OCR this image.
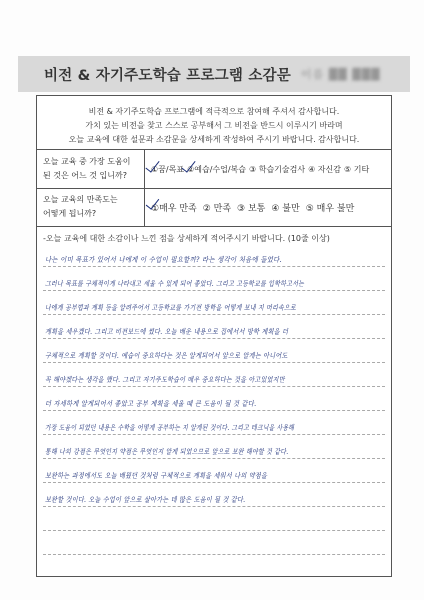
비전 & 자기주도학습 프로그램 소감문 이름 ▓▓ ▓▓▓
비전 & 자기주도학습 프로그램에 적극적으로 참여해 주셔서 감사합니다.
가치 있는 비전을 찾고 스스로 공부해서 그 비전을 반드시 이루시기 바라며
오늘 교육에 대한 설문과 소감문을 상세하게 작성하여 주시기 바랍니다. 감사합니다.
오늘 교육 중 가장 도움이
된 것은 어느 것 입니까?
①꿈/목표 ②예습/수업/복습 ③ 학습기술검사 ④ 자신감 ⑤ 기타
오늘 교육의 만족도는
어떻게 됩니까?	①매우 만족 ② 만족 ③ 보통 ④ 불만 ⑤ 매우 불만
-오늘 교육에 대한 소감이나 느낀 점을 상세하게 적어주시기 바랍니다. (10줄 이상)
나는 이미 목표가 있어서 나에게 이 수업이 필요할까? 라는 생각이 처음에 들었다.
그러나 목표를 구체적이게 나타내고 세울 수 있게 되어 좋았다. 그리고 고등학교를 입학하고서는
나에게 공부법과 계획 등을 알려주어서 고등학교를 가기전 방학을 어떻게 보내 지 머리속으로
계획을 세우겠다. 그리고 비전보드에 썼다. 오늘 배운 내용으로 집에서서 방학 계획을 더
구체적으로 계획할 것이다. 예습이 중요하다는 것은 알게되어서 앞으로 알게는 아니어도
꼭 해야겠다는 생각을 했다. 그리고 자기주도학습이 매우 중요하다는 것을 아고있었지만
더 자세하게 알게되어서 좋았고 공부 계획을 세울 때 큰 도움이 될 것 같다.
가장 도움이 되었던 내용은 수학을 어떻게 공부하는 지 알게된 것이다. 그리고 테크닉을 사용해
통해 나의 강점은 무엇인지 약점은 무엇인지 알게 되었으므로 앞으로 보완 해야할 것 같다.
보완하는 과정에서도 오늘 배웠던 것처럼 구체적으로 계획을 세워서 나의 약점을
보완할 것이다. 오늘 수업이 앞으로 살아가는 데 많은 도움이 될 것 같다.
